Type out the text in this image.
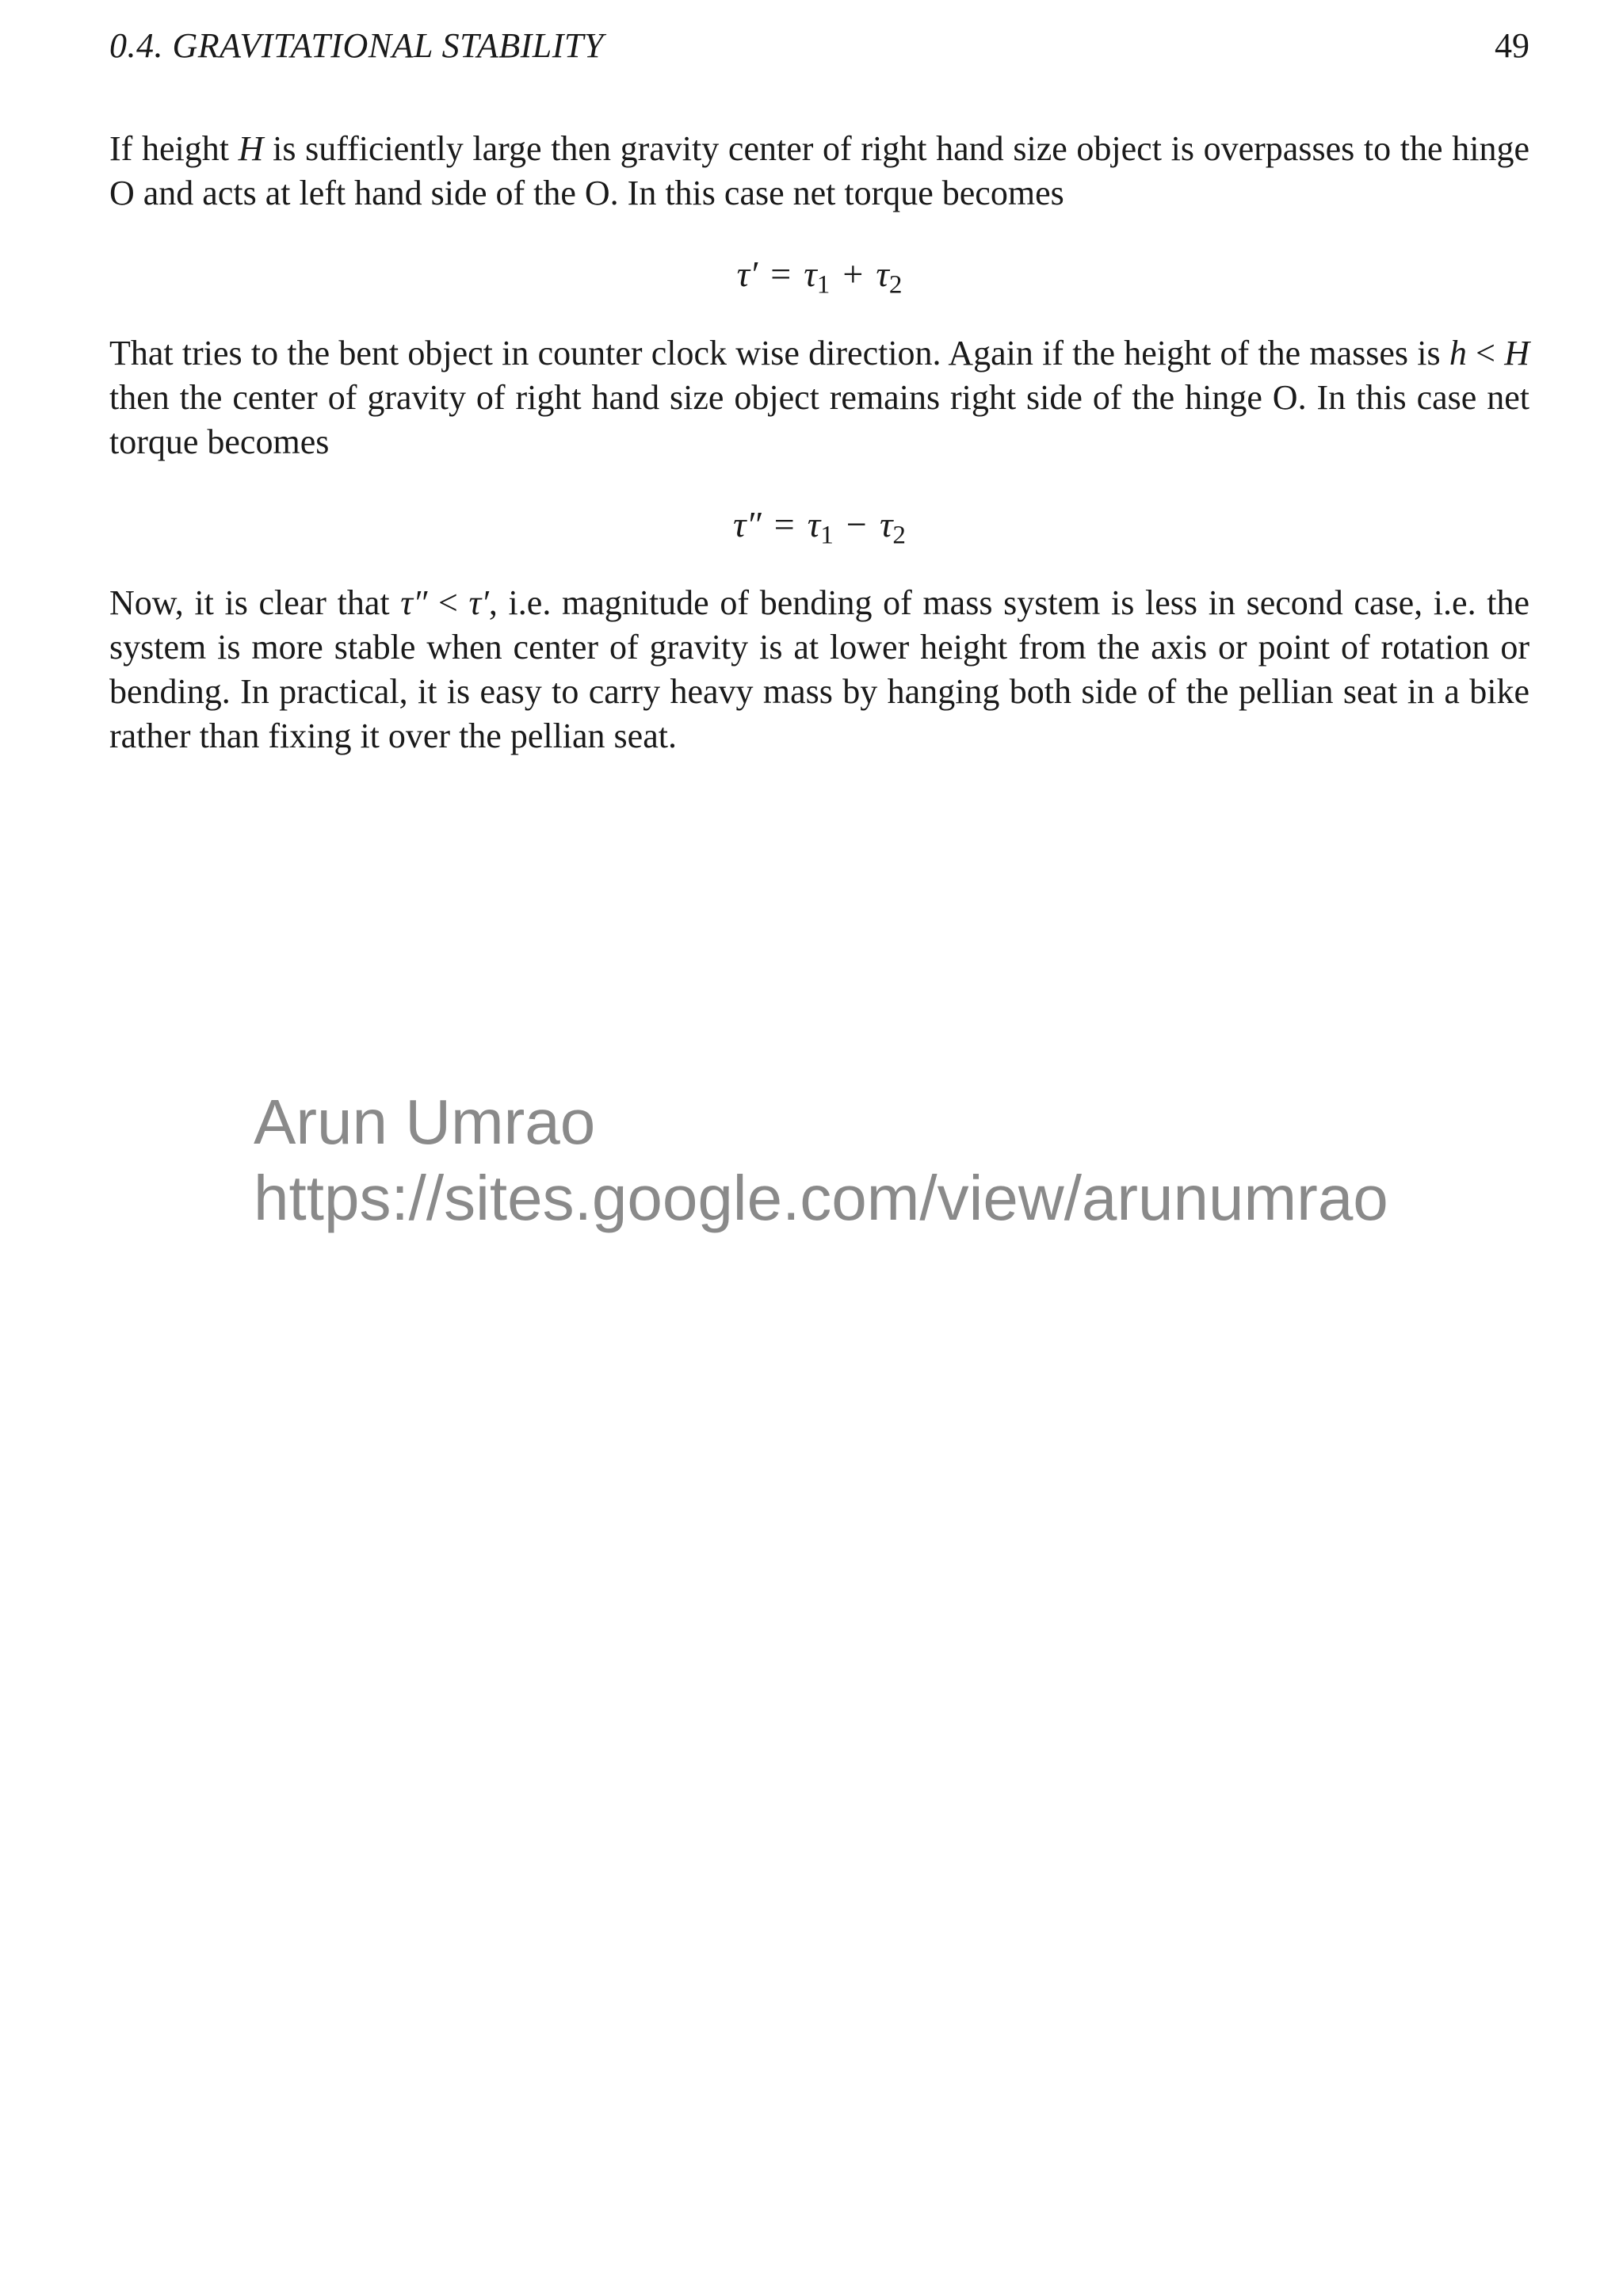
0.4. GRAVITATIONAL STABILITY	49

If height H is sufficiently large then gravity center of right hand size object is overpasses to the hinge O and acts at left hand side of the O. In this case net torque becomes

$\tau' = \tau_1 + \tau_2$

That tries to the bent object in counter clock wise direction. Again if the height of the masses is h < H then the center of gravity of right hand size object remains right side of the hinge O. In this case net torque becomes

$\tau'' = \tau_1 - \tau_2$

Now, it is clear that τ″ < τ′, i.e. magnitude of bending of mass system is less in second case, i.e. the system is more stable when center of gravity is at lower height from the axis or point of rotation or bending. In practical, it is easy to carry heavy mass by hanging both side of the pellian seat in a bike rather than fixing it over the pellian seat.

Arun Umrao
https://sites.google.com/view/arunumrao
